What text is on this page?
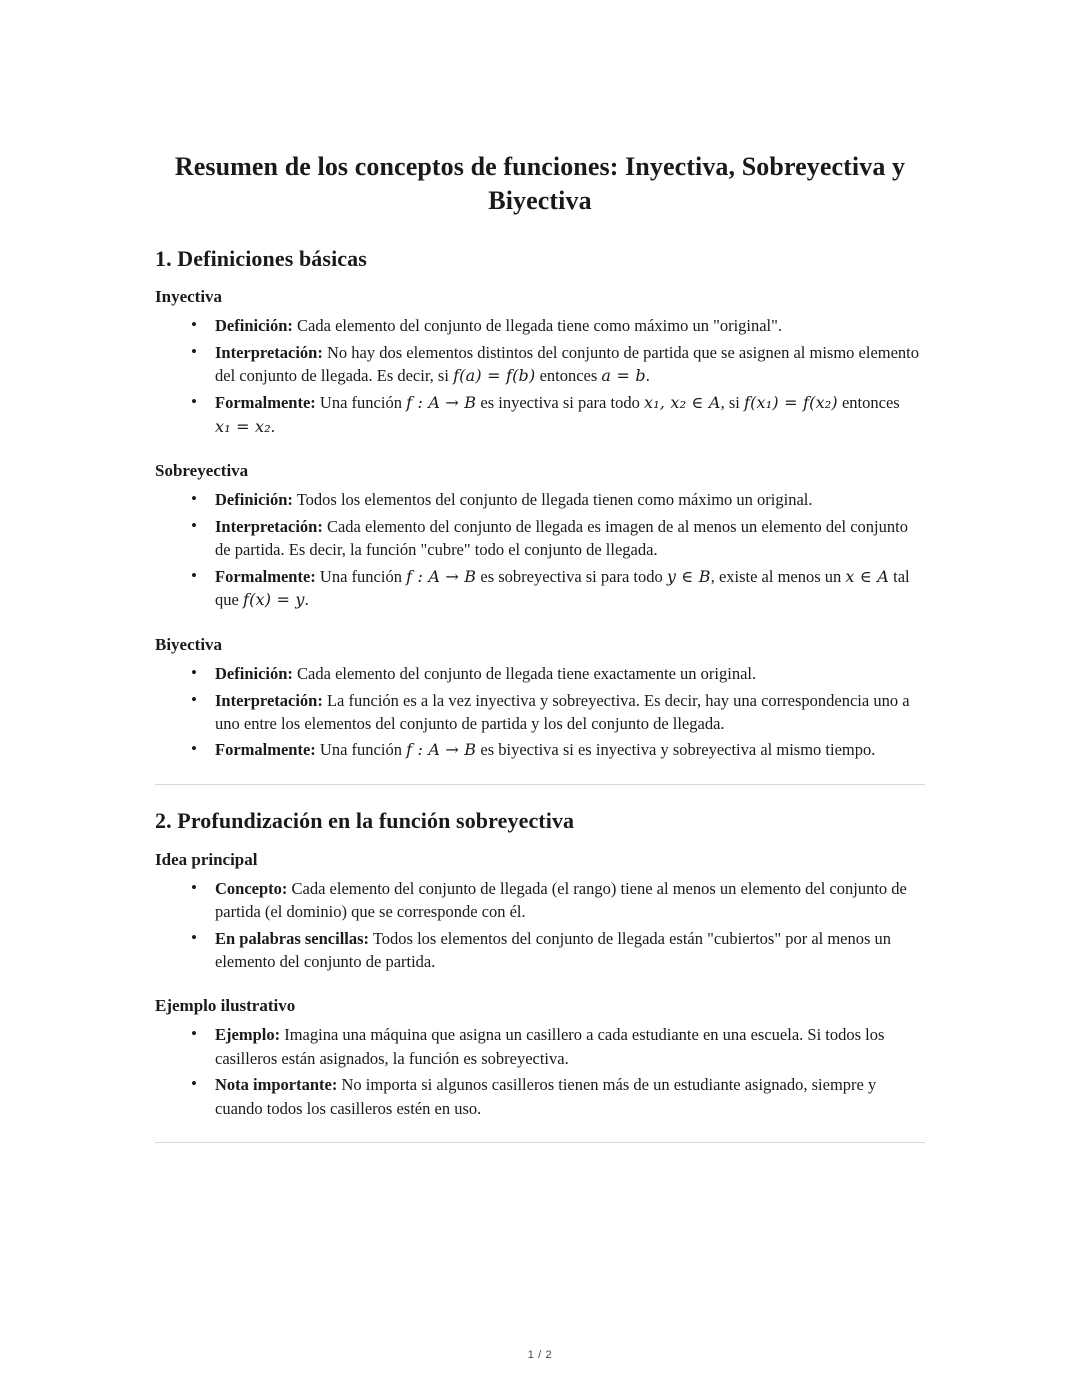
Resumen de los conceptos de funciones: Inyectiva, Sobreyectiva y Biyectiva
1. Definiciones básicas
Inyectiva
• Definición: Cada elemento del conjunto de llegada tiene como máximo un "original".
• Interpretación: No hay dos elementos distintos del conjunto de partida que se asignen al mismo elemento del conjunto de llegada. Es decir, si f(a) = f(b) entonces a = b.
• Formalmente: Una función f : A → B es inyectiva si para todo x₁, x₂ ∈ A, si f(x₁) = f(x₂) entonces x₁ = x₂.
Sobreyectiva
• Definición: Todos los elementos del conjunto de llegada tienen como máximo un original.
• Interpretación: Cada elemento del conjunto de llegada es imagen de al menos un elemento del conjunto de partida. Es decir, la función "cubre" todo el conjunto de llegada.
• Formalmente: Una función f : A → B es sobreyectiva si para todo y ∈ B, existe al menos un x ∈ A tal que f(x) = y.
Biyectiva
• Definición: Cada elemento del conjunto de llegada tiene exactamente un original.
• Interpretación: La función es a la vez inyectiva y sobreyectiva. Es decir, hay una correspondencia uno a uno entre los elementos del conjunto de partida y los del conjunto de llegada.
• Formalmente: Una función f : A → B es biyectiva si es inyectiva y sobreyectiva al mismo tiempo.
2. Profundización en la función sobreyectiva
Idea principal
• Concepto: Cada elemento del conjunto de llegada (el rango) tiene al menos un elemento del conjunto de partida (el dominio) que se corresponde con él.
• En palabras sencillas: Todos los elementos del conjunto de llegada están "cubiertos" por al menos un elemento del conjunto de partida.
Ejemplo ilustrativo
• Ejemplo: Imagina una máquina que asigna un casillero a cada estudiante en una escuela. Si todos los casilleros están asignados, la función es sobreyectiva.
• Nota importante: No importa si algunos casilleros tienen más de un estudiante asignado, siempre y cuando todos los casilleros estén en uso.
1 / 2
